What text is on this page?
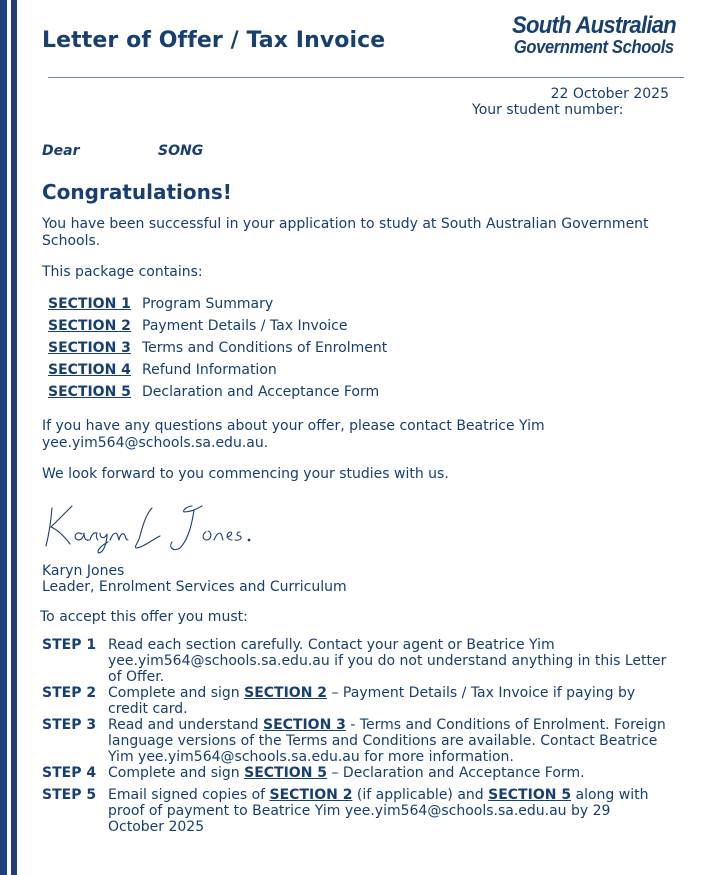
Letter of Offer / Tax Invoice
South Australian
Government Schools
22 October 2025
Your student number:
Dear	SONG
Congratulations!
You have been successful in your application to study at South Australian Government Schools.
This package contains:
SECTION 1 Program Summary
SECTION 2 Payment Details / Tax Invoice
SECTION 3 Terms and Conditions of Enrolment
SECTION 4 Refund Information
SECTION 5 Declaration and Acceptance Form
If you have any questions about your offer, please contact Beatrice Yim yee.yim564@schools.sa.edu.au.
We look forward to you commencing your studies with us.
Karyn Jones
Leader, Enrolment Services and Curriculum
To accept this offer you must:
STEP 1 Read each section carefully. Contact your agent or Beatrice Yim yee.yim564@schools.sa.edu.au if you do not understand anything in this Letter of Offer.
STEP 2 Complete and sign SECTION 2 – Payment Details / Tax Invoice if paying by credit card.
STEP 3 Read and understand SECTION 3 - Terms and Conditions of Enrolment. Foreign language versions of the Terms and Conditions are available. Contact Beatrice Yim yee.yim564@schools.sa.edu.au for more information.
STEP 4 Complete and sign SECTION 5 – Declaration and Acceptance Form.
STEP 5 Email signed copies of SECTION 2 (if applicable) and SECTION 5 along with proof of payment to Beatrice Yim yee.yim564@schools.sa.edu.au by 29 October 2025
